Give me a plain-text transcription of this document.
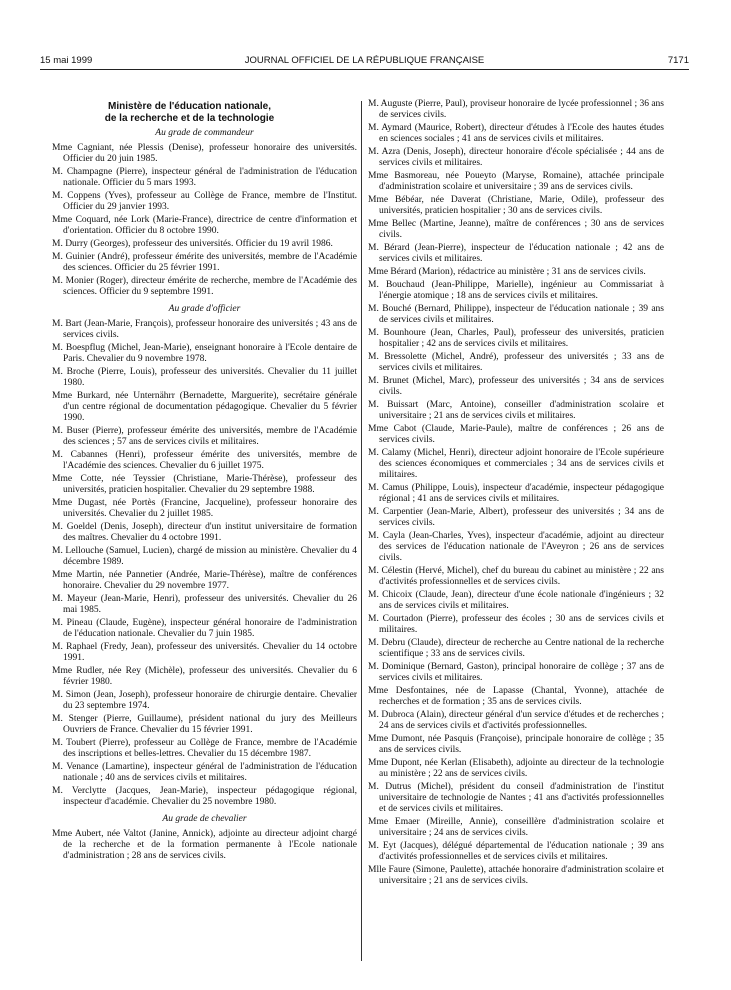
15 mai 1999	JOURNAL OFFICIEL DE LA RÉPUBLIQUE FRANÇAISE	7171
Ministère de l'éducation nationale,
de la recherche et de la technologie
Au grade de commandeur

Mme Cagniant, née Plessis (Denise), professeur honoraire des universités. Officier du 20 juin 1985.

M. Champagne (Pierre), inspecteur général de l'administration de l'éducation nationale. Officier du 5 mars 1993.

M. Coppens (Yves), professeur au Collège de France, membre de l'Institut. Officier du 29 janvier 1993.

Mme Coquard, née Lork (Marie-France), directrice de centre d'information et d'orientation. Officier du 8 octobre 1990.

M. Durry (Georges), professeur des universités. Officier du 19 avril 1986.

M. Guinier (André), professeur émérite des universités, membre de l'Académie des sciences. Officier du 25 février 1991.

M. Monier (Roger), directeur émérite de recherche, membre de l'Académie des sciences. Officier du 9 septembre 1991.

Au grade d'officier

M. Bart (Jean-Marie, François), professeur honoraire des universités ; 43 ans de services civils.

M. Boespflug (Michel, Jean-Marie), enseignant honoraire à l'Ecole dentaire de Paris. Chevalier du 9 novembre 1978.

M. Broche (Pierre, Louis), professeur des universités. Chevalier du 11 juillet 1980.

Mme Burkard, née Unternährr (Bernadette, Marguerite), secrétaire générale d'un centre régional de documentation pédagogique. Chevalier du 5 février 1990.

M. Buser (Pierre), professeur émérite des universités, membre de l'Académie des sciences ; 57 ans de services civils et militaires.

M. Cabannes (Henri), professeur émérite des universités, membre de l'Académie des sciences. Chevalier du 6 juillet 1975.

Mme Cotte, née Teyssier (Christiane, Marie-Thérèse), professeur des universités, praticien hospitalier. Chevalier du 29 septembre 1988.

Mme Dugast, née Portès (Francine, Jacqueline), professeur honoraire des universités. Chevalier du 2 juillet 1985.

M. Goeldel (Denis, Joseph), directeur d'un institut universitaire de formation des maîtres. Chevalier du 4 octobre 1991.

M. Lellouche (Samuel, Lucien), chargé de mission au ministère. Chevalier du 4 décembre 1989.

Mme Martin, née Pannetier (Andrée, Marie-Thérèse), maître de conférences honoraire. Chevalier du 29 novembre 1977.

M. Mayeur (Jean-Marie, Henri), professeur des universités. Chevalier du 26 mai 1985.

M. Pineau (Claude, Eugène), inspecteur général honoraire de l'administration de l'éducation nationale. Chevalier du 7 juin 1985.

M. Raphael (Fredy, Jean), professeur des universités. Chevalier du 14 octobre 1991.

Mme Rudler, née Rey (Michèle), professeur des universités. Chevalier du 6 février 1980.

M. Simon (Jean, Joseph), professeur honoraire de chirurgie dentaire. Chevalier du 23 septembre 1974.

M. Stenger (Pierre, Guillaume), président national du jury des Meilleurs Ouvriers de France. Chevalier du 15 février 1991.

M. Toubert (Pierre), professeur au Collège de France, membre de l'Académie des inscriptions et belles-lettres. Chevalier du 15 décembre 1987.

M. Venance (Lamartine), inspecteur général de l'administration de l'éducation nationale ; 40 ans de services civils et militaires.

M. Verclytte (Jacques, Jean-Marie), inspecteur pédagogique régional, inspecteur d'académie. Chevalier du 25 novembre 1980.

Au grade de chevalier

Mme Aubert, née Valtot (Janine, Annick), adjointe au directeur adjoint chargé de la recherche et de la formation permanente à l'Ecole nationale d'administration ; 28 ans de services civils.

M. Auguste (Pierre, Paul), proviseur honoraire de lycée professionnel ; 36 ans de services civils.

M. Aymard (Maurice, Robert), directeur d'études à l'Ecole des hautes études en sciences sociales ; 41 ans de services civils et militaires.

M. Azra (Denis, Joseph), directeur honoraire d'école spécialisée ; 44 ans de services civils et militaires.

Mme Basmoreau, née Poueyto (Maryse, Romaine), attachée principale d'administration scolaire et universitaire ; 39 ans de services civils.

Mme Bébéar, née Daverat (Christiane, Marie, Odile), professeur des universités, praticien hospitalier ; 30 ans de services civils.

Mme Bellec (Martine, Jeanne), maître de conférences ; 30 ans de services civils.

M. Bérard (Jean-Pierre), inspecteur de l'éducation nationale ; 42 ans de services civils et militaires.

Mme Bérard (Marion), rédactrice au ministère ; 31 ans de services civils.

M. Bouchaud (Jean-Philippe, Marielle), ingénieur au Commissariat à l'énergie atomique ; 18 ans de services civils et militaires.

M. Bouché (Bernard, Philippe), inspecteur de l'éducation nationale ; 39 ans de services civils et militaires.

M. Bounhoure (Jean, Charles, Paul), professeur des universités, praticien hospitalier ; 42 ans de services civils et militaires.

M. Bressolette (Michel, André), professeur des universités ; 33 ans de services civils et militaires.

M. Brunet (Michel, Marc), professeur des universités ; 34 ans de services civils.

M. Buissart (Marc, Antoine), conseiller d'administration scolaire et universitaire ; 21 ans de services civils et militaires.

Mme Cabot (Claude, Marie-Paule), maître de conférences ; 26 ans de services civils.

M. Calamy (Michel, Henri), directeur adjoint honoraire de l'Ecole supérieure des sciences économiques et commerciales ; 34 ans de services civils et militaires.

M. Camus (Philippe, Louis), inspecteur d'académie, inspecteur pédagogique régional ; 41 ans de services civils et militaires.

M. Carpentier (Jean-Marie, Albert), professeur des universités ; 34 ans de services civils.

M. Cayla (Jean-Charles, Yves), inspecteur d'académie, adjoint au directeur des services de l'éducation nationale de l'Aveyron ; 26 ans de services civils.

M. Célestin (Hervé, Michel), chef du bureau du cabinet au ministère ; 22 ans d'activités professionnelles et de services civils.

M. Chicoix (Claude, Jean), directeur d'une école nationale d'ingénieurs ; 32 ans de services civils et militaires.

M. Courtadon (Pierre), professeur des écoles ; 30 ans de services civils et militaires.

M. Debru (Claude), directeur de recherche au Centre national de la recherche scientifique ; 33 ans de services civils.

M. Dominique (Bernard, Gaston), principal honoraire de collège ; 37 ans de services civils et militaires.

Mme Desfontaines, née de Lapasse (Chantal, Yvonne), attachée de recherches et de formation ; 35 ans de services civils.

M. Dubroca (Alain), directeur général d'un service d'études et de recherches ; 24 ans de services civils et d'activités professionnelles.

Mme Dumont, née Pasquis (Françoise), principale honoraire de collège ; 35 ans de services civils.

Mme Dupont, née Kerlan (Elisabeth), adjointe au directeur de la technologie au ministère ; 22 ans de services civils.

M. Dutrus (Michel), président du conseil d'administration de l'institut universitaire de technologie de Nantes ; 41 ans d'activités professionnelles et de services civils et militaires.

Mme Emaer (Mireille, Annie), conseillère d'administration scolaire et universitaire ; 24 ans de services civils.

M. Eyt (Jacques), délégué départemental de l'éducation nationale ; 39 ans d'activités professionnelles et de services civils et militaires.

Mlle Faure (Simone, Paulette), attachée honoraire d'administration scolaire et universitaire ; 21 ans de services civils.
